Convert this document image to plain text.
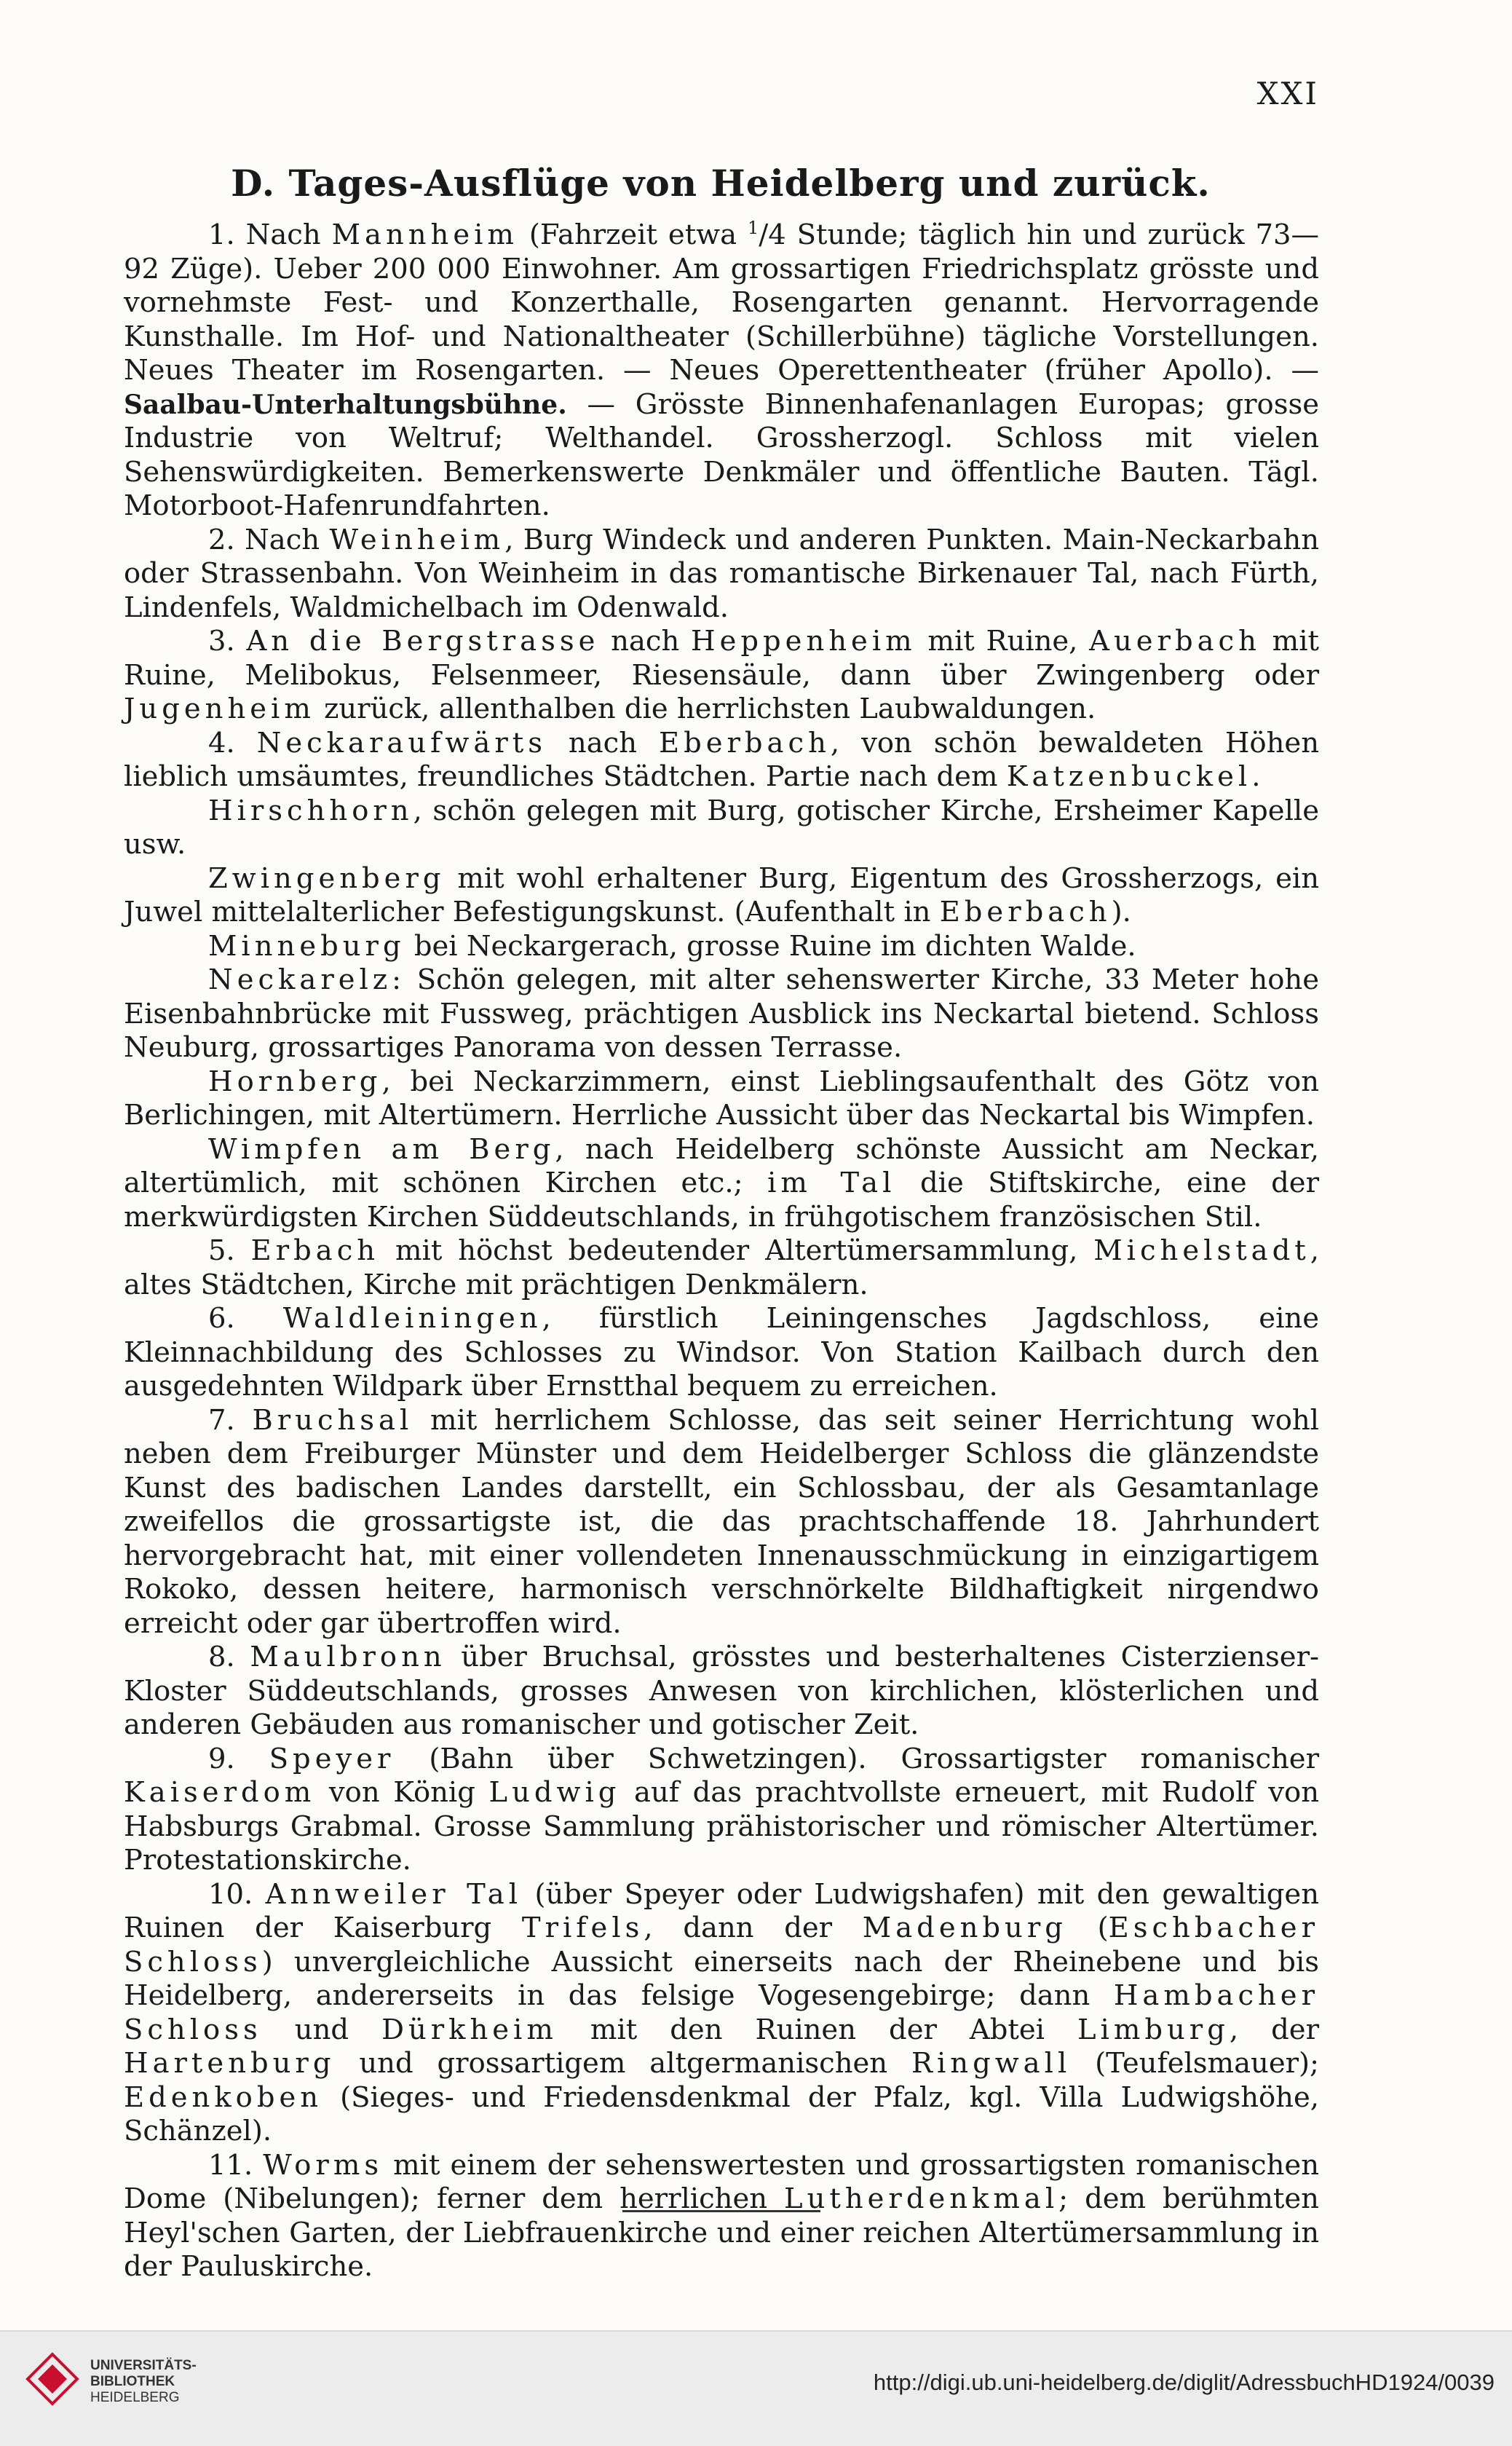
XXI
D. Tages-Ausflüge von Heidelberg und zurück.

1. Nach Mannheim (Fahrzeit etwa $^1$/4 Stunde; täglich hin und zurück 73—92 Züge). Ueber 200 000 Einwohner. Am grossartigen Friedrichsplatz grösste und vornehmste Fest- und Konzerthalle, Rosengarten genannt. Hervorragende Kunsthalle. Im Hof- und Nationaltheater (Schillerbühne) tägliche Vorstellungen. Neues Theater im Rosengarten. — Neues Operettentheater (früher Apollo). — Saalbau-Unterhaltungsbühne. — Grösste Binnenhafenanlagen Europas; grosse Industrie von Weltruf; Welthandel. Grossherzogl. Schloss mit vielen Sehenswürdigkeiten. Bemerkenswerte Denkmäler und öffentliche Bauten. Tägl. Motorboot-Hafenrundfahrten.

2. Nach Weinheim, Burg Windeck und anderen Punkten. Main-Neckarbahn oder Strassenbahn. Von Weinheim in das romantische Birkenauer Tal, nach Fürth, Lindenfels, Waldmichelbach im Odenwald.

3. An die Bergstrasse nach Heppenheim mit Ruine, Auerbach mit Ruine, Melibokus, Felsenmeer, Riesensäule, dann über Zwingenberg oder Jugenheim zurück, allenthalben die herrlichsten Laubwaldungen.

4. Neckaraufwärts nach Eberbach, von schön bewaldeten Höhen lieblich umsäumtes, freundliches Städtchen. Partie nach dem Katzenbuckel.

Hirschhorn, schön gelegen mit Burg, gotischer Kirche, Ersheimer Kapelle usw.

Zwingenberg mit wohl erhaltener Burg, Eigentum des Grossherzogs, ein Juwel mittelalterlicher Befestigungskunst. (Aufenthalt in Eberbach).

Minneburg bei Neckargerach, grosse Ruine im dichten Walde.

Neckarelz: Schön gelegen, mit alter sehenswerter Kirche, 33 Meter hohe Eisenbahnbrücke mit Fussweg, prächtigen Ausblick ins Neckartal bietend. Schloss Neuburg, grossartiges Panorama von dessen Terrasse.

Hornberg, bei Neckarzimmern, einst Lieblingsaufenthalt des Götz von Berlichingen, mit Altertümern. Herrliche Aussicht über das Neckartal bis Wimpfen.

Wimpfen am Berg, nach Heidelberg schönste Aussicht am Neckar, altertümlich, mit schönen Kirchen etc.; im Tal die Stiftskirche, eine der merkwürdigsten Kirchen Süddeutschlands, in frühgotischem französischen Stil.

5. Erbach mit höchst bedeutender Altertümersammlung, Michelstadt, altes Städtchen, Kirche mit prächtigen Denkmälern.

6. Waldleiningen, fürstlich Leiningensches Jagdschloss, eine Kleinnachbildung des Schlosses zu Windsor. Von Station Kailbach durch den ausgedehnten Wildpark über Ernstthal bequem zu erreichen.

7. Bruchsal mit herrlichem Schlosse, das seit seiner Herrichtung wohl neben dem Freiburger Münster und dem Heidelberger Schloss die glänzendste Kunst des badischen Landes darstellt, ein Schlossbau, der als Gesamtanlage zweifellos die grossartigste ist, die das prachtschaffende 18. Jahrhundert hervorgebracht hat, mit einer vollendeten Innenausschmückung in einzigartigem Rokoko, dessen heitere, harmonisch verschnörkelte Bildhaftigkeit nirgendwo erreicht oder gar übertroffen wird.

8. Maulbronn über Bruchsal, grösstes und besterhaltenes Cisterzienser-Kloster Süddeutschlands, grosses Anwesen von kirchlichen, klösterlichen und anderen Gebäuden aus romanischer und gotischer Zeit.

9. Speyer (Bahn über Schwetzingen). Grossartigster romanischer Kaiserdom von König Ludwig auf das prachtvollste erneuert, mit Rudolf von Habsburgs Grabmal. Grosse Sammlung prähistorischer und römischer Altertümer. Protestationskirche.

10. Annweiler Tal (über Speyer oder Ludwigshafen) mit den gewaltigen Ruinen der Kaiserburg Trifels, dann der Madenburg (Eschbacher Schloss) unvergleichliche Aussicht einerseits nach der Rheinebene und bis Heidelberg, andererseits in das felsige Vogesengebirge; dann Hambacher Schloss und Dürkheim mit den Ruinen der Abtei Limburg, der Hartenburg und grossartigem altgermanischen Ringwall (Teufelsmauer); Edenkoben (Sieges- und Friedensdenkmal der Pfalz, kgl. Villa Ludwigshöhe, Schänzel).

11. Worms mit einem der sehenswertesten und grossartigsten romanischen Dome (Nibelungen); ferner dem herrlichen Lutherdenkmal; dem berühmten Heyl'schen Garten, der Liebfrauenkirche und einer reichen Altertümersammlung in der Pauluskirche.

UNIVERSITÄTS-
BIBLIOTHEK
HEIDELBERG
http://digi.ub.uni-heidelberg.de/diglit/AdressbuchHD1924/0039
